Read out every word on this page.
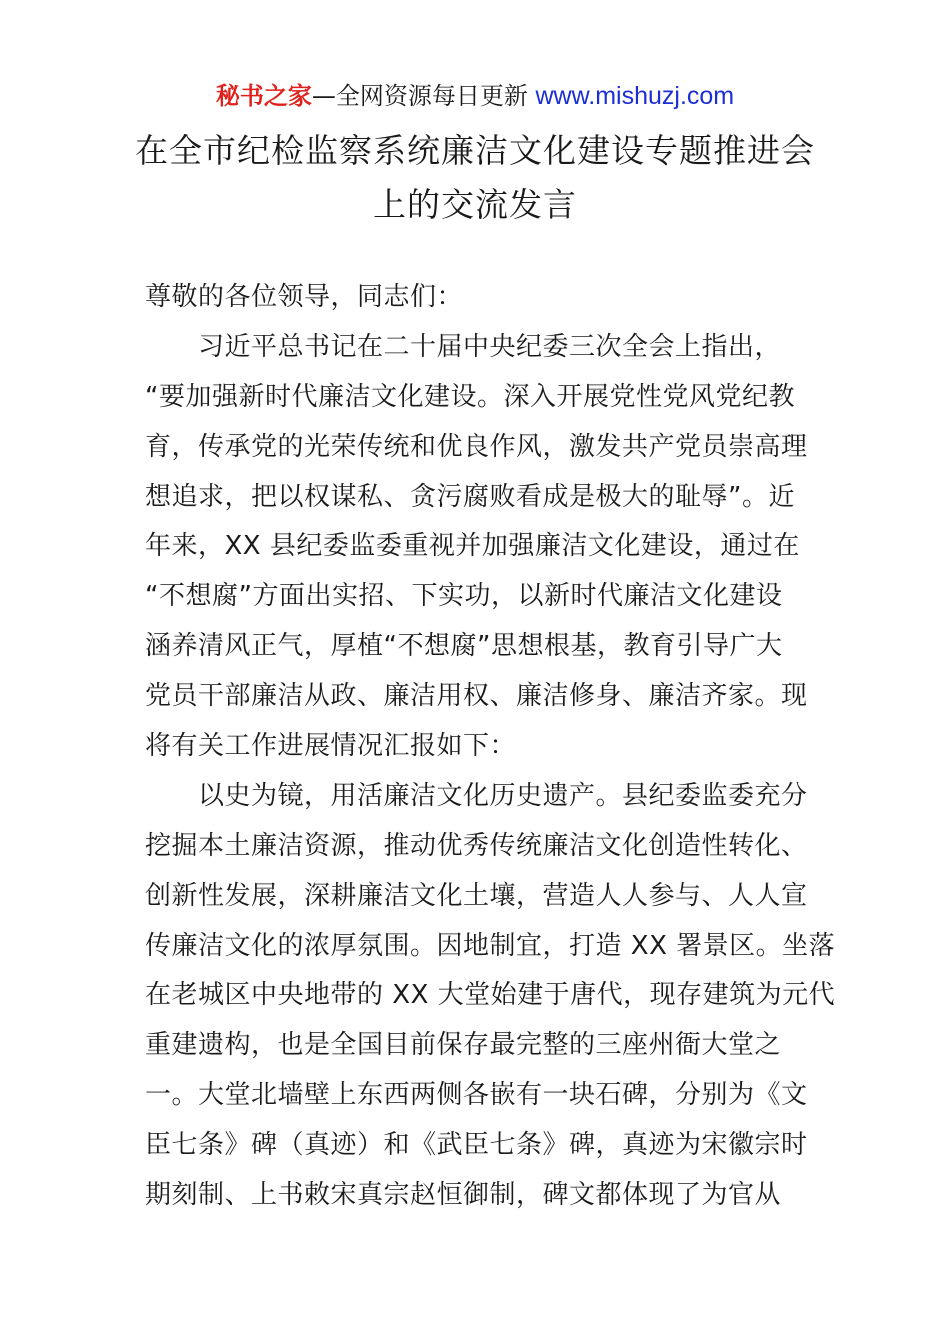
秘书之家—全网资源每日更新 www.mishuzj.com
在全市纪检监察系统廉洁文化建设专题推进会
上的交流发言
尊敬的各位领导，同志们：
　　习近平总书记在二十届中央纪委三次全会上指出，
“要加强新时代廉洁文化建设。深入开展党性党风党纪教
育，传承党的光荣传统和优良作风，激发共产党员崇高理
想追求，把以权谋私、贪污腐败看成是极大的耻辱”。近
年来，XX 县纪委监委重视并加强廉洁文化建设，通过在
“不想腐”方面出实招、下实功，以新时代廉洁文化建设
涵养清风正气，厚植“不想腐”思想根基，教育引导广大
党员干部廉洁从政、廉洁用权、廉洁修身、廉洁齐家。现
将有关工作进展情况汇报如下：
　　以史为镜，用活廉洁文化历史遗产。县纪委监委充分
挖掘本土廉洁资源，推动优秀传统廉洁文化创造性转化、
创新性发展，深耕廉洁文化土壤，营造人人参与、人人宣
传廉洁文化的浓厚氛围。因地制宜，打造 XX 署景区。坐落
在老城区中央地带的 XX 大堂始建于唐代，现存建筑为元代
重建遗构，也是全国目前保存最完整的三座州衙大堂之
一。大堂北墙壁上东西两侧各嵌有一块石碑，分别为《文
臣七条》碑（真迹）和《武臣七条》碑，真迹为宋徽宗时
期刻制、上书敕宋真宗赵恒御制，碑文都体现了为官从
